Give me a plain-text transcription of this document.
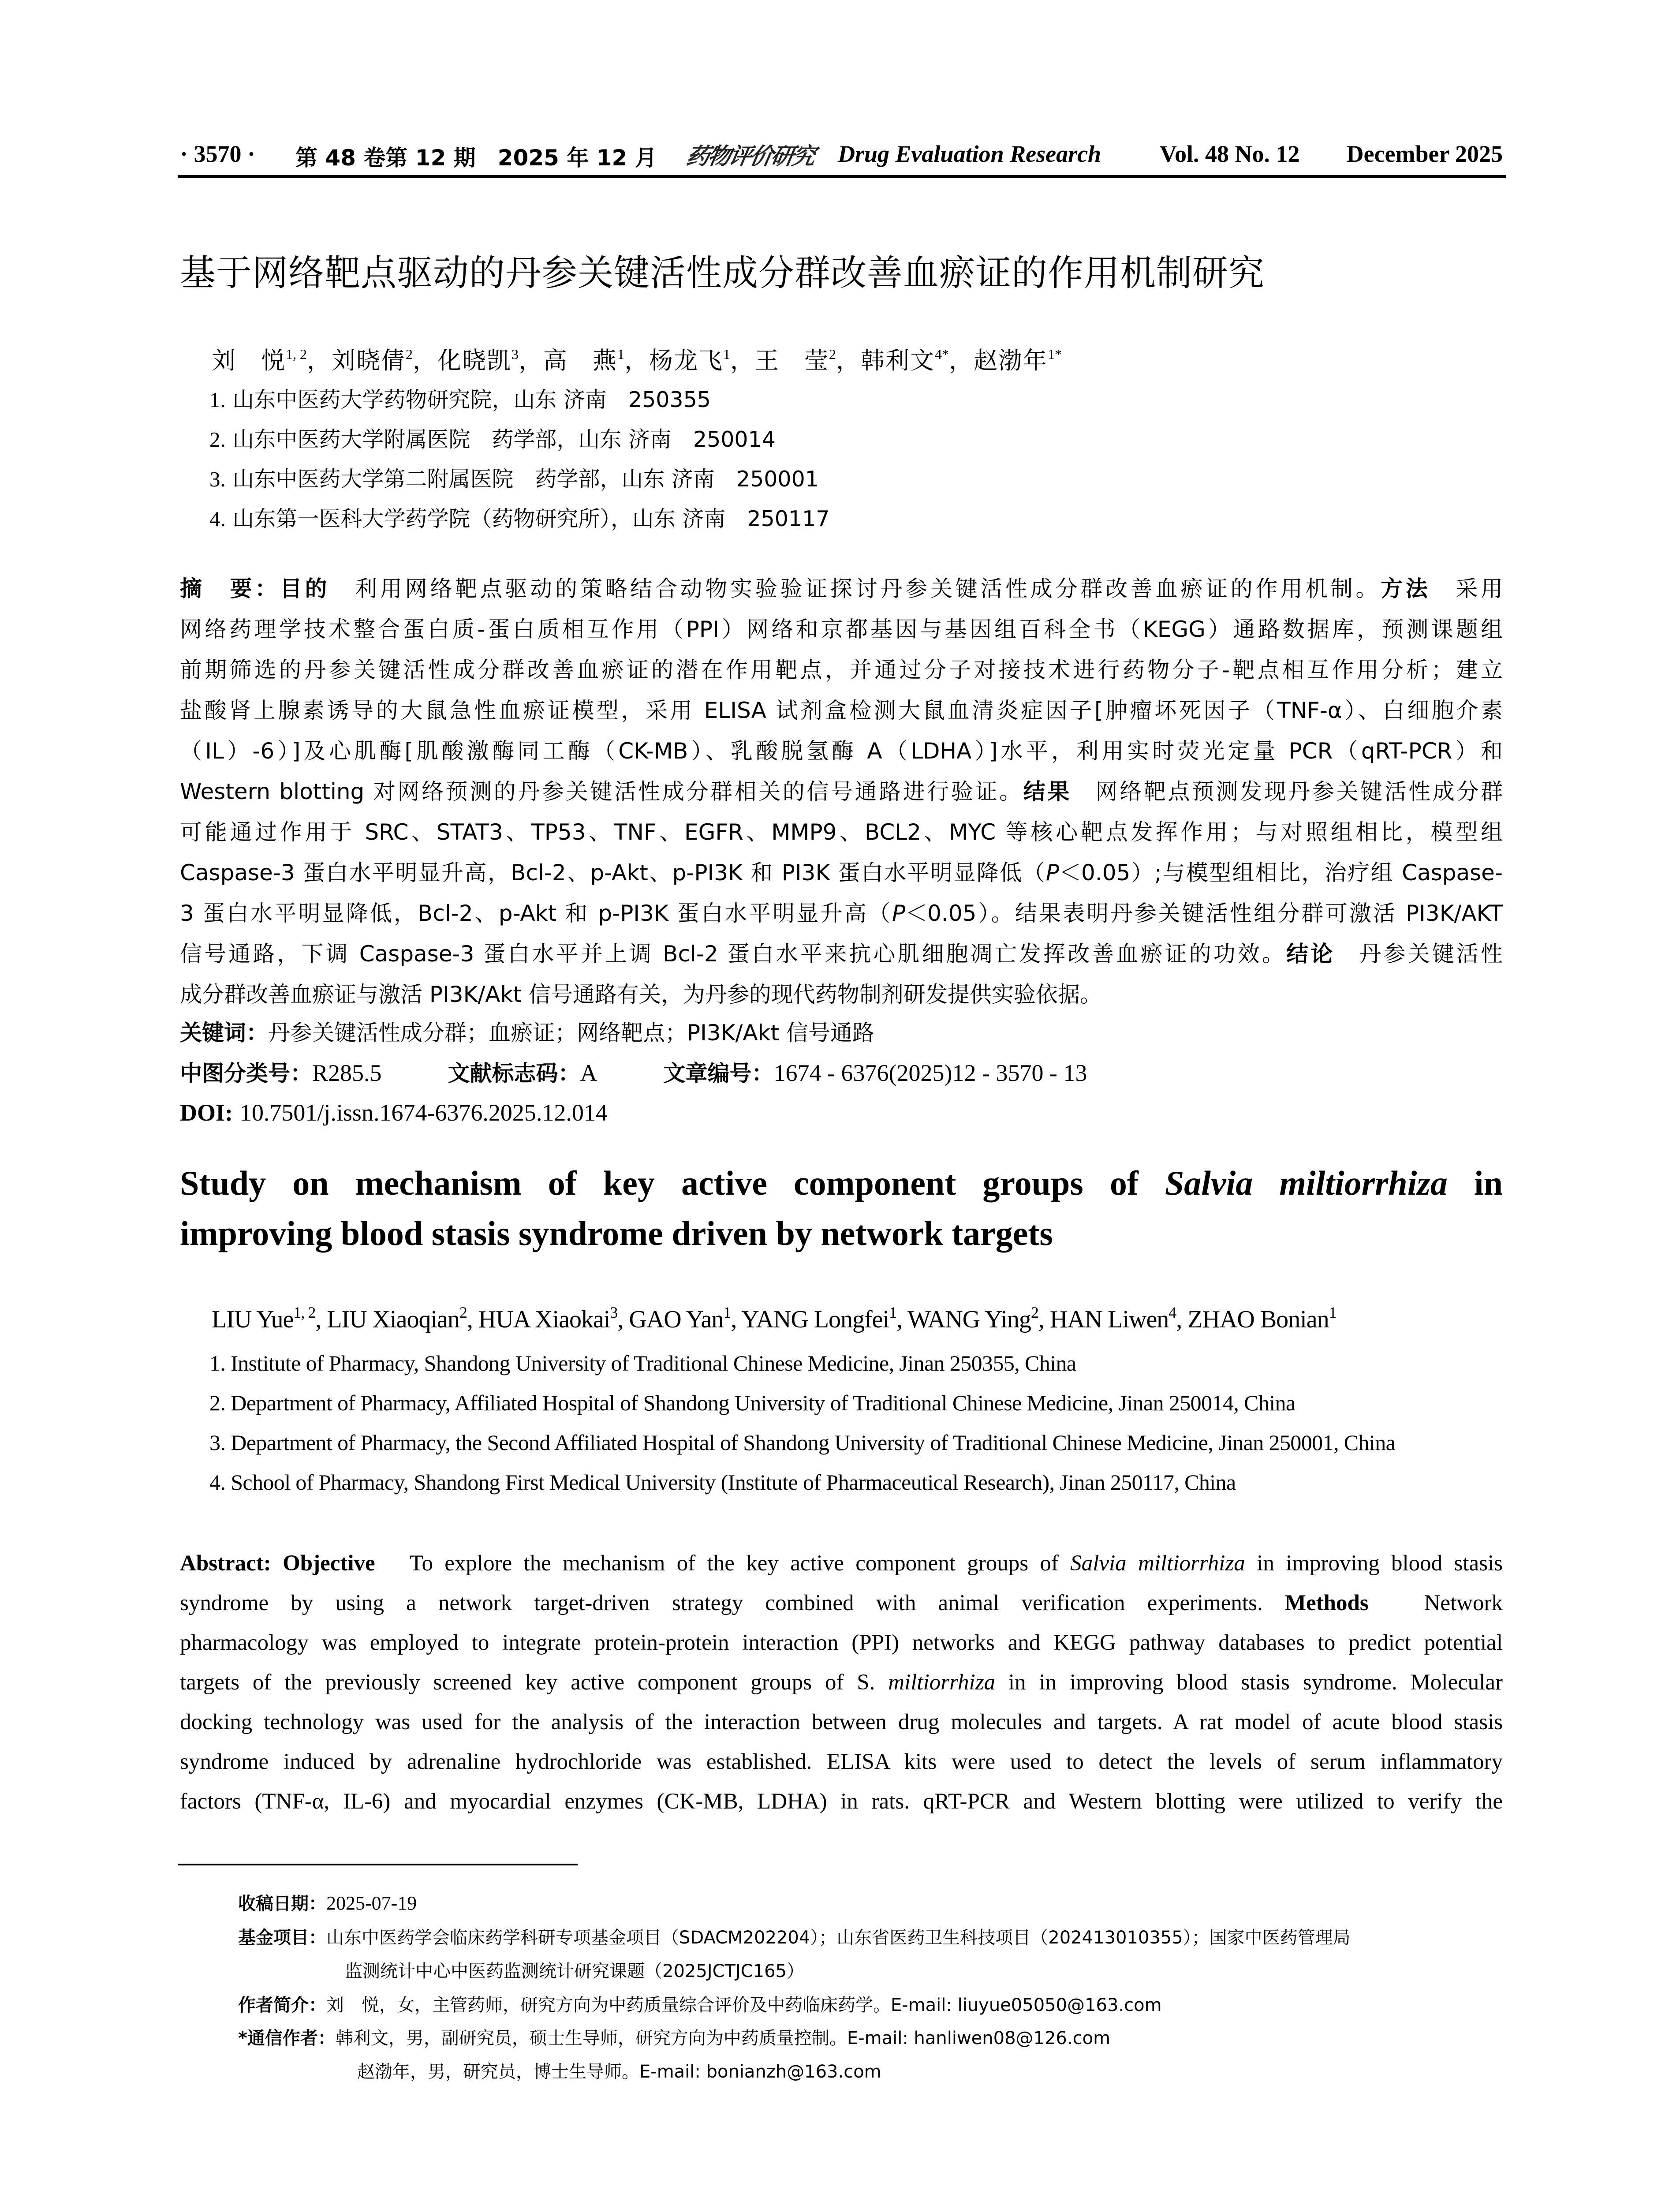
· 3570 · 第 48 卷第 12 期　2025 年 12 月 药物评价研究 Drug Evaluation Research Vol. 48 No. 12 December 2025
基于网络靶点驱动的丹参关键活性成分群改善血瘀证的作用机制研究
刘　悦$^{1, 2}$，刘晓倩$^2$，化晓凯$^3$，高　燕$^1$，杨龙飞$^1$，王　莹$^2$，韩利文$^{4*}$，赵渤年$^{1*}$
1. 山东中医药大学药物研究院，山东 济南　250355
2. 山东中医药大学附属医院　药学部，山东 济南　250014
3. 山东中医药大学第二附属医院　药学部，山东 济南　250001
4. 山东第一医科大学药学院（药物研究所），山东 济南　250117
摘　要：目的　利用网络靶点驱动的策略结合动物实验验证探讨丹参关键活性成分群改善血瘀证的作用机制。方法　采用
网络药理学技术整合蛋白质-蛋白质相互作用（PPI）网络和京都基因与基因组百科全书（KEGG）通路数据库，预测课题组
前期筛选的丹参关键活性成分群改善血瘀证的潜在作用靶点，并通过分子对接技术进行药物分子-靶点相互作用分析；建立
盐酸肾上腺素诱导的大鼠急性血瘀证模型，采用 ELISA 试剂盒检测大鼠血清炎症因子[肿瘤坏死因子（TNF-α）、白细胞介素
（IL）-6）]及心肌酶[肌酸激酶同工酶（CK-MB）、乳酸脱氢酶 A（LDHA）]水平，利用实时荧光定量 PCR（qRT-PCR）和
Western blotting 对网络预测的丹参关键活性成分群相关的信号通路进行验证。结果　网络靶点预测发现丹参关键活性成分群
可能通过作用于 SRC、STAT3、TP53、TNF、EGFR、MMP9、BCL2、MYC 等核心靶点发挥作用；与对照组相比，模型组
Caspase-3 蛋白水平明显升高，Bcl-2、p-Akt、p-PI3K 和 PI3K 蛋白水平明显降低（P＜0.05）;与模型组相比，治疗组 Caspase-
3 蛋白水平明显降低，Bcl-2、p-Akt 和 p-PI3K 蛋白水平明显升高（P＜0.05）。结果表明丹参关键活性组分群可激活 PI3K/AKT
信号通路，下调 Caspase-3 蛋白水平并上调 Bcl-2 蛋白水平来抗心肌细胞凋亡发挥改善血瘀证的功效。结论　丹参关键活性
成分群改善血瘀证与激活 PI3K/Akt 信号通路有关，为丹参的现代药物制剂研发提供实验依据。
关键词：丹参关键活性成分群；血瘀证；网络靶点；PI3K/Akt 信号通路
中图分类号：R285.5	文献标志码：A	文章编号：1674 - 6376(2025)12 - 3570 - 13
DOI: 10.7501/j.issn.1674-6376.2025.12.014
Study on mechanism of key active component groups of Salvia miltiorrhiza in
improving blood stasis syndrome driven by network targets
LIU Yue$^{1, 2}$, LIU Xiaoqian$^2$, HUA Xiaokai$^3$, GAO Yan$^1$, YANG Longfei$^1$, WANG Ying$^2$, HAN Liwen$^4$, ZHAO Bonian$^1$
1. Institute of Pharmacy, Shandong University of Traditional Chinese Medicine, Jinan 250355, China
2. Department of Pharmacy, Affiliated Hospital of Shandong University of Traditional Chinese Medicine, Jinan 250014, China
3. Department of Pharmacy, the Second Affiliated Hospital of Shandong University of Traditional Chinese Medicine, Jinan 250001, China
4. School of Pharmacy, Shandong First Medical University (Institute of Pharmaceutical Research), Jinan 250117, China
Abstract: Objective　To explore the mechanism of the key active component groups of Salvia miltiorrhiza in improving blood stasis
syndrome by using a network target-driven strategy combined with animal verification experiments. Methods　Network
pharmacology was employed to integrate protein-protein interaction (PPI) networks and KEGG pathway databases to predict potential
targets of the previously screened key active component groups of S. miltiorrhiza in in improving blood stasis syndrome. Molecular
docking technology was used for the analysis of the interaction between drug molecules and targets. A rat model of acute blood stasis
syndrome induced by adrenaline hydrochloride was established. ELISA kits were used to detect the levels of serum inflammatory
factors (TNF-α, IL-6) and myocardial enzymes (CK-MB, LDHA) in rats. qRT-PCR and Western blotting were utilized to verify the
收稿日期：2025-07-19
基金项目：山东中医药学会临床药学科研专项基金项目（SDACM202204）；山东省医药卫生科技项目（202413010355）；国家中医药管理局
监测统计中心中医药监测统计研究课题（2025JCTJC165）
作者简介：刘　悦，女，主管药师，研究方向为中药质量综合评价及中药临床药学。E-mail: liuyue05050@163.com
*通信作者：韩利文，男，副研究员，硕士生导师，研究方向为中药质量控制。E-mail: hanliwen08@126.com
赵渤年，男，研究员，博士生导师。E-mail: bonianzh@163.com
